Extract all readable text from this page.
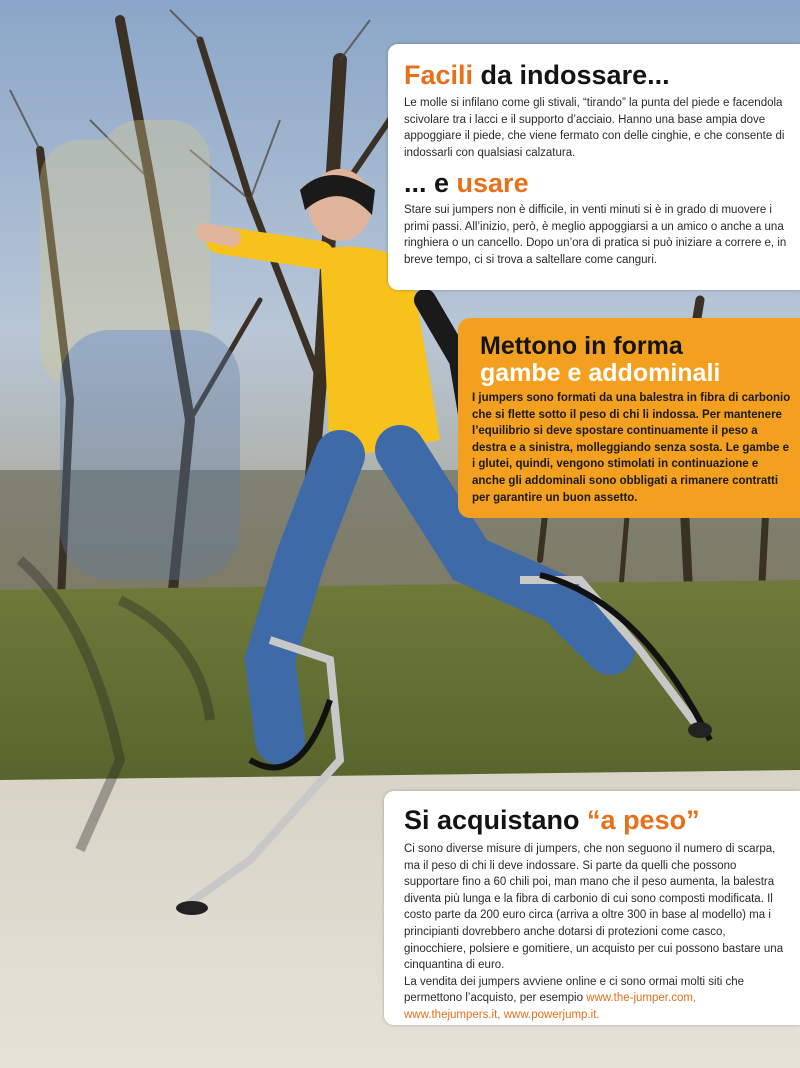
Facili da indossare...

Le molle si infilano come gli stivali, “tirando” la punta del piede e facendola scivolare tra i lacci e il supporto d’acciaio. Hanno una base ampia dove appoggiare il piede, che viene fermato con delle cinghie, e che consente di indossarli con qualsiasi calzatura.

... e usare

Stare sui jumpers non è difficile, in venti minuti si è in grado di muovere i primi passi. All’inizio, però, è meglio appoggiarsi a un amico o anche a una ringhiera o un cancello. Dopo un’ora di pratica si può iniziare a correre e, in breve tempo, ci si trova a saltellare come canguri.

Mettono in forma
gambe e addominali

I jumpers sono formati da una balestra in fibra di carbonio che si flette sotto il peso di chi li indossa. Per mantenere l’equilibrio si deve spostare continuamente il peso a destra e a sinistra, molleggiando senza sosta. Le gambe e i glutei, quindi, vengono stimolati in continuazione e anche gli addominali sono obbligati a rimanere contratti per garantire un buon assetto.

Si acquistano “a peso”

Ci sono diverse misure di jumpers, che non seguono il numero di scarpa, ma il peso di chi li deve indossare. Si parte da quelli che possono supportare fino a 60 chili poi, man mano che il peso aumenta, la balestra diventa più lunga e la fibra di carbonio di cui sono composti modificata. Il costo parte da 200 euro circa (arriva a oltre 300 in base al modello) ma i principianti dovrebbero anche dotarsi di protezioni come casco, ginocchiere, polsiere e gomitiere, un acquisto per cui possono bastare una cinquantina di euro.

La vendita dei jumpers avviene online e ci sono ormai molti siti che permettono l’acquisto, per esempio www.the-jumper.com, www.thejumpers.it, www.powerjump.it.
